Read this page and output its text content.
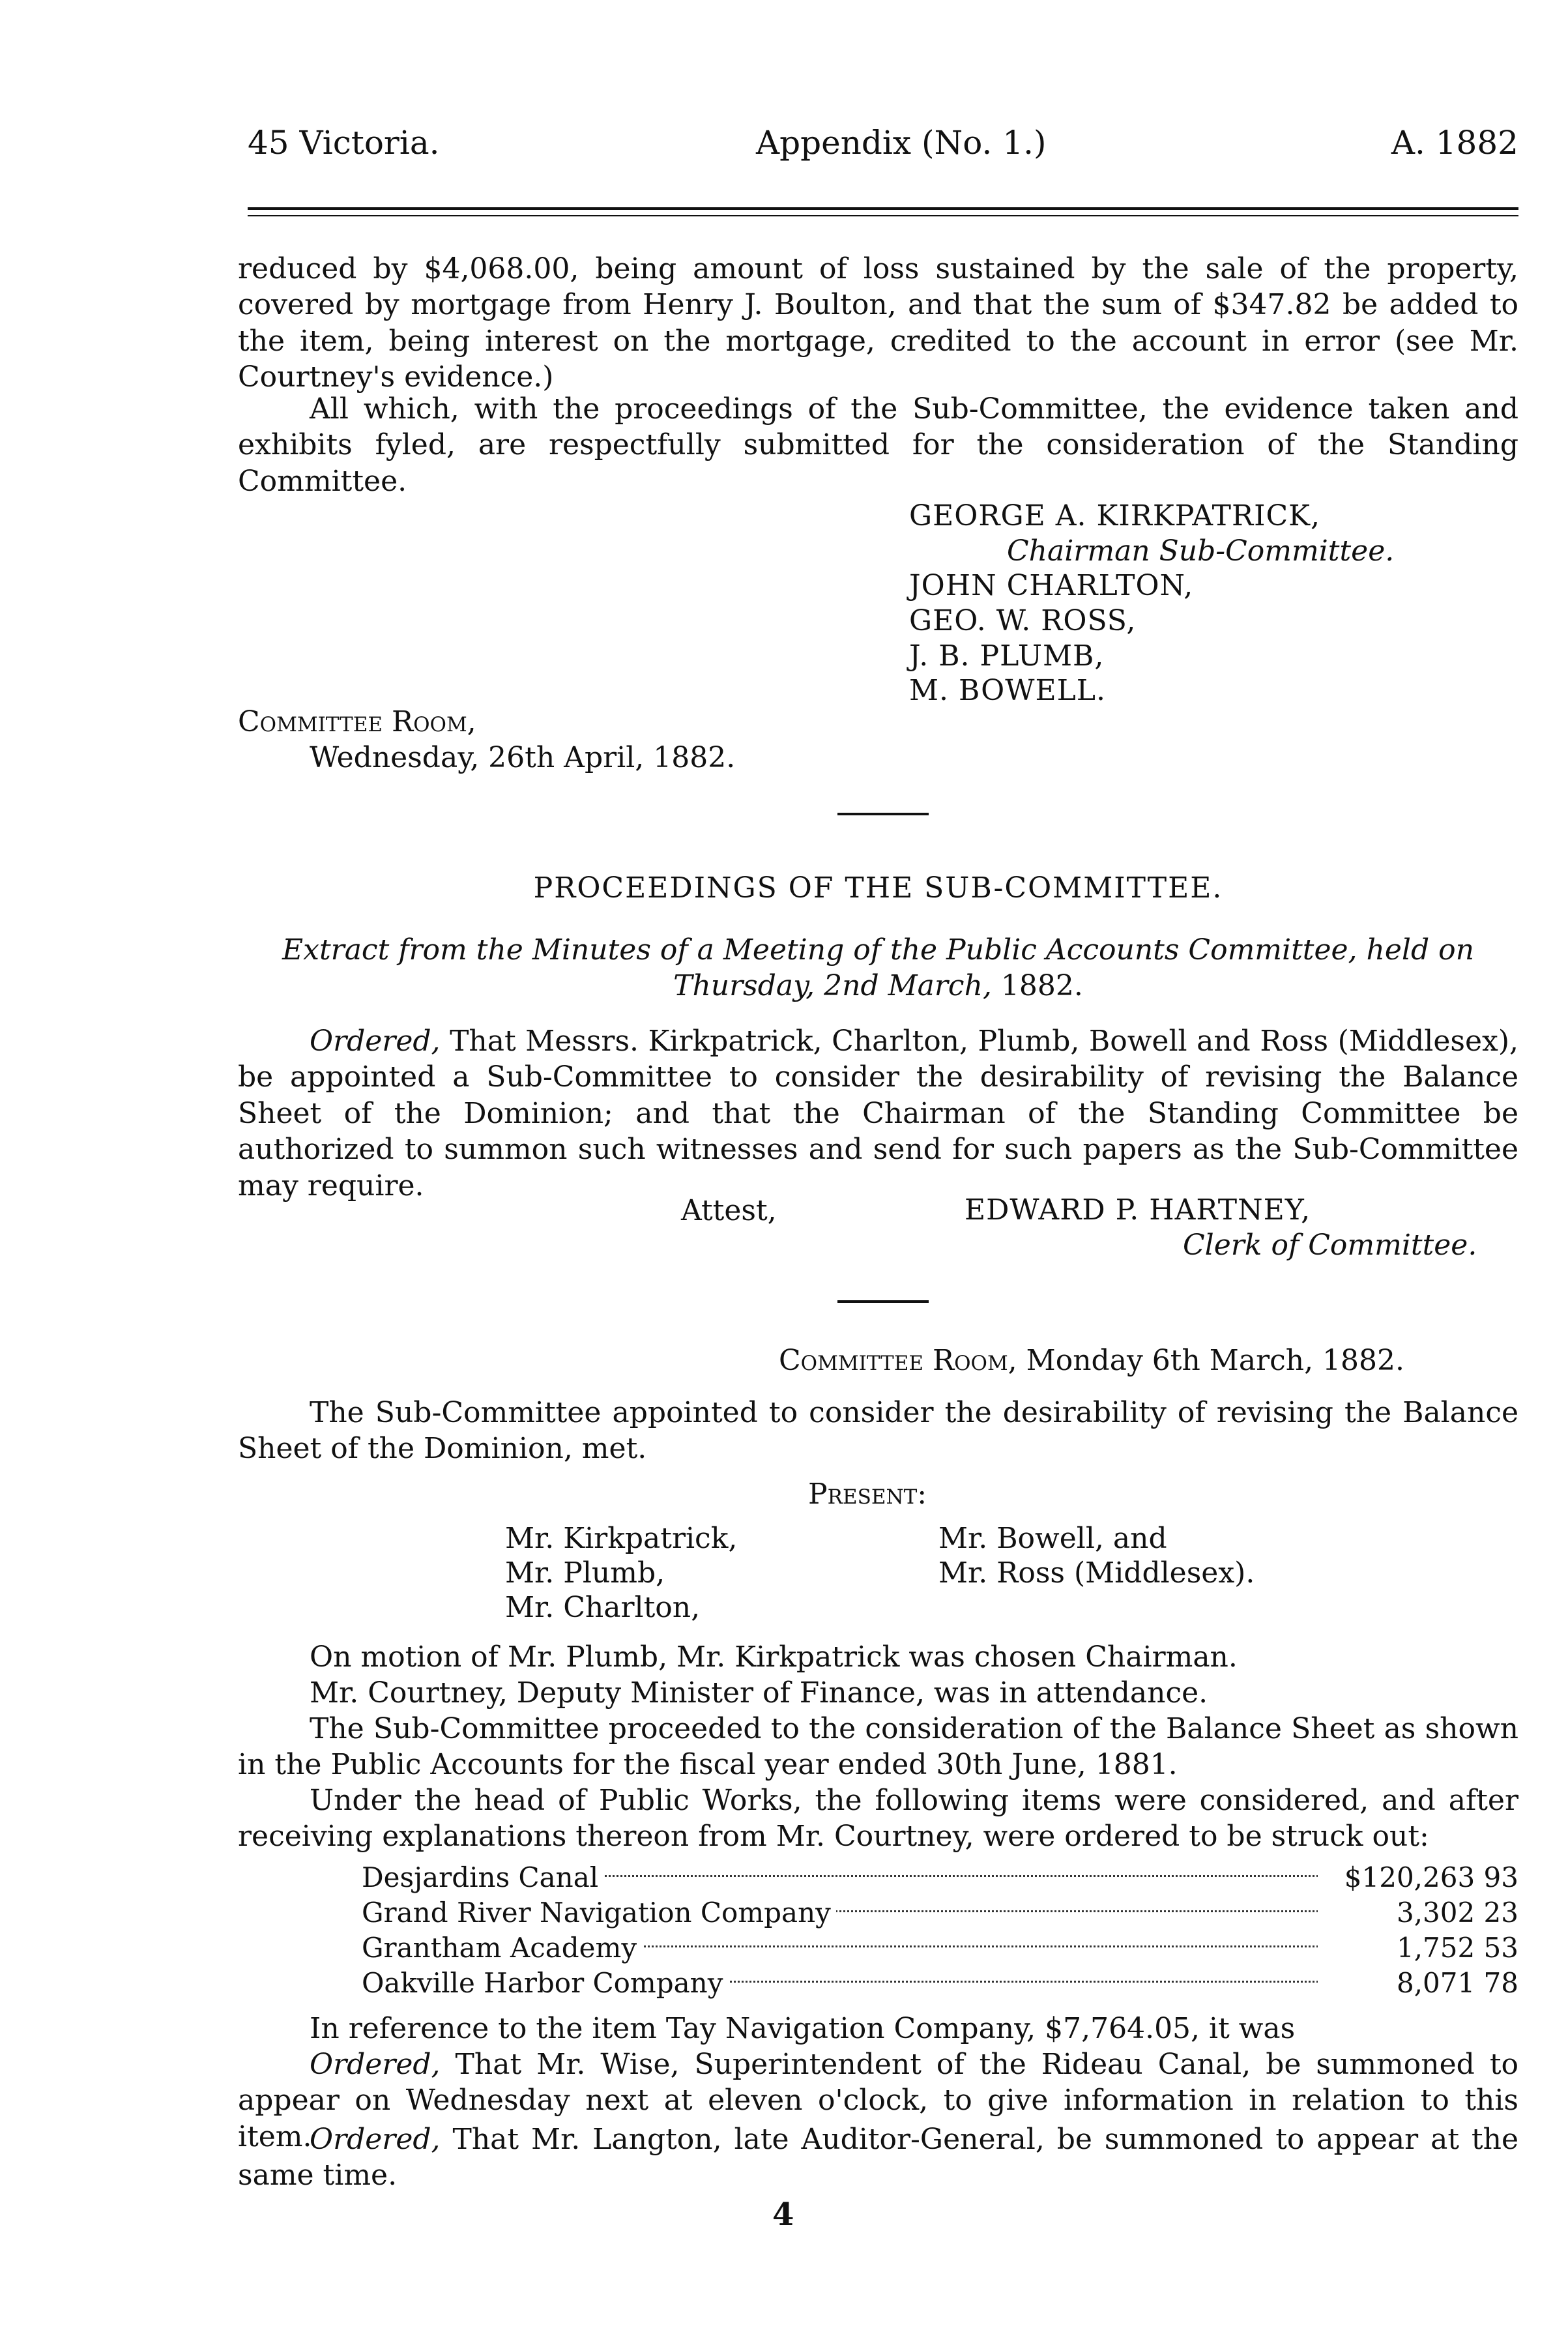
45 Victoria.	Appendix (No. 1.)	A. 1882
reduced by $4,068.00, being amount of loss sustained by the sale of the property, covered by mortgage from Henry J. Boulton, and that the sum of $347.82 be added to the item, being interest on the mortgage, credited to the account in error (see Mr. Courtney's evidence.)
All which, with the proceedings of the Sub-Committee, the evidence taken and exhibits fyled, are respectfully submitted for the consideration of the Standing Committee.
GEORGE A. KIRKPATRICK,
Chairman Sub-Committee.
JOHN CHARLTON,
GEO. W. ROSS,
J. B. PLUMB,
M. BOWELL.
Committee Room,
Wednesday, 26th April, 1882.
PROCEEDINGS OF THE SUB-COMMITTEE.
Extract from the Minutes of a Meeting of the Public Accounts Committee, held on
Thursday, 2nd March, 1882.
Ordered, That Messrs. Kirkpatrick, Charlton, Plumb, Bowell and Ross (Middlesex), be appointed a Sub-Committee to consider the desirability of revising the Balance Sheet of the Dominion; and that the Chairman of the Standing Committee be authorized to summon such witnesses and send for such papers as the Sub-Committee may require.
Attest,	EDWARD P. HARTNEY,
Clerk of Committee.
Committee Room, Monday 6th March, 1882.
The Sub-Committee appointed to consider the desirability of revising the Balance Sheet of the Dominion, met.
Present:
Mr. Kirkpatrick,
Mr. Plumb,
Mr. Charlton,
Mr. Bowell, and
Mr. Ross (Middlesex).
On motion of Mr. Plumb, Mr. Kirkpatrick was chosen Chairman.
Mr. Courtney, Deputy Minister of Finance, was in attendance.
The Sub-Committee proceeded to the consideration of the Balance Sheet as shown in the Public Accounts for the fiscal year ended 30th June, 1881.
Under the head of Public Works, the following items were considered, and after receiving explanations thereon from Mr. Courtney, were ordered to be struck out:
Desjardins Canal	$120,263 93
Grand River Navigation Company	3,302 23
Grantham Academy	1,752 53
Oakville Harbor Company	8,071 78
In reference to the item Tay Navigation Company, $7,764.05, it was
Ordered, That Mr. Wise, Superintendent of the Rideau Canal, be summoned to appear on Wednesday next at eleven o'clock, to give information in relation to this item.
Ordered, That Mr. Langton, late Auditor-General, be summoned to appear at the same time.
4
